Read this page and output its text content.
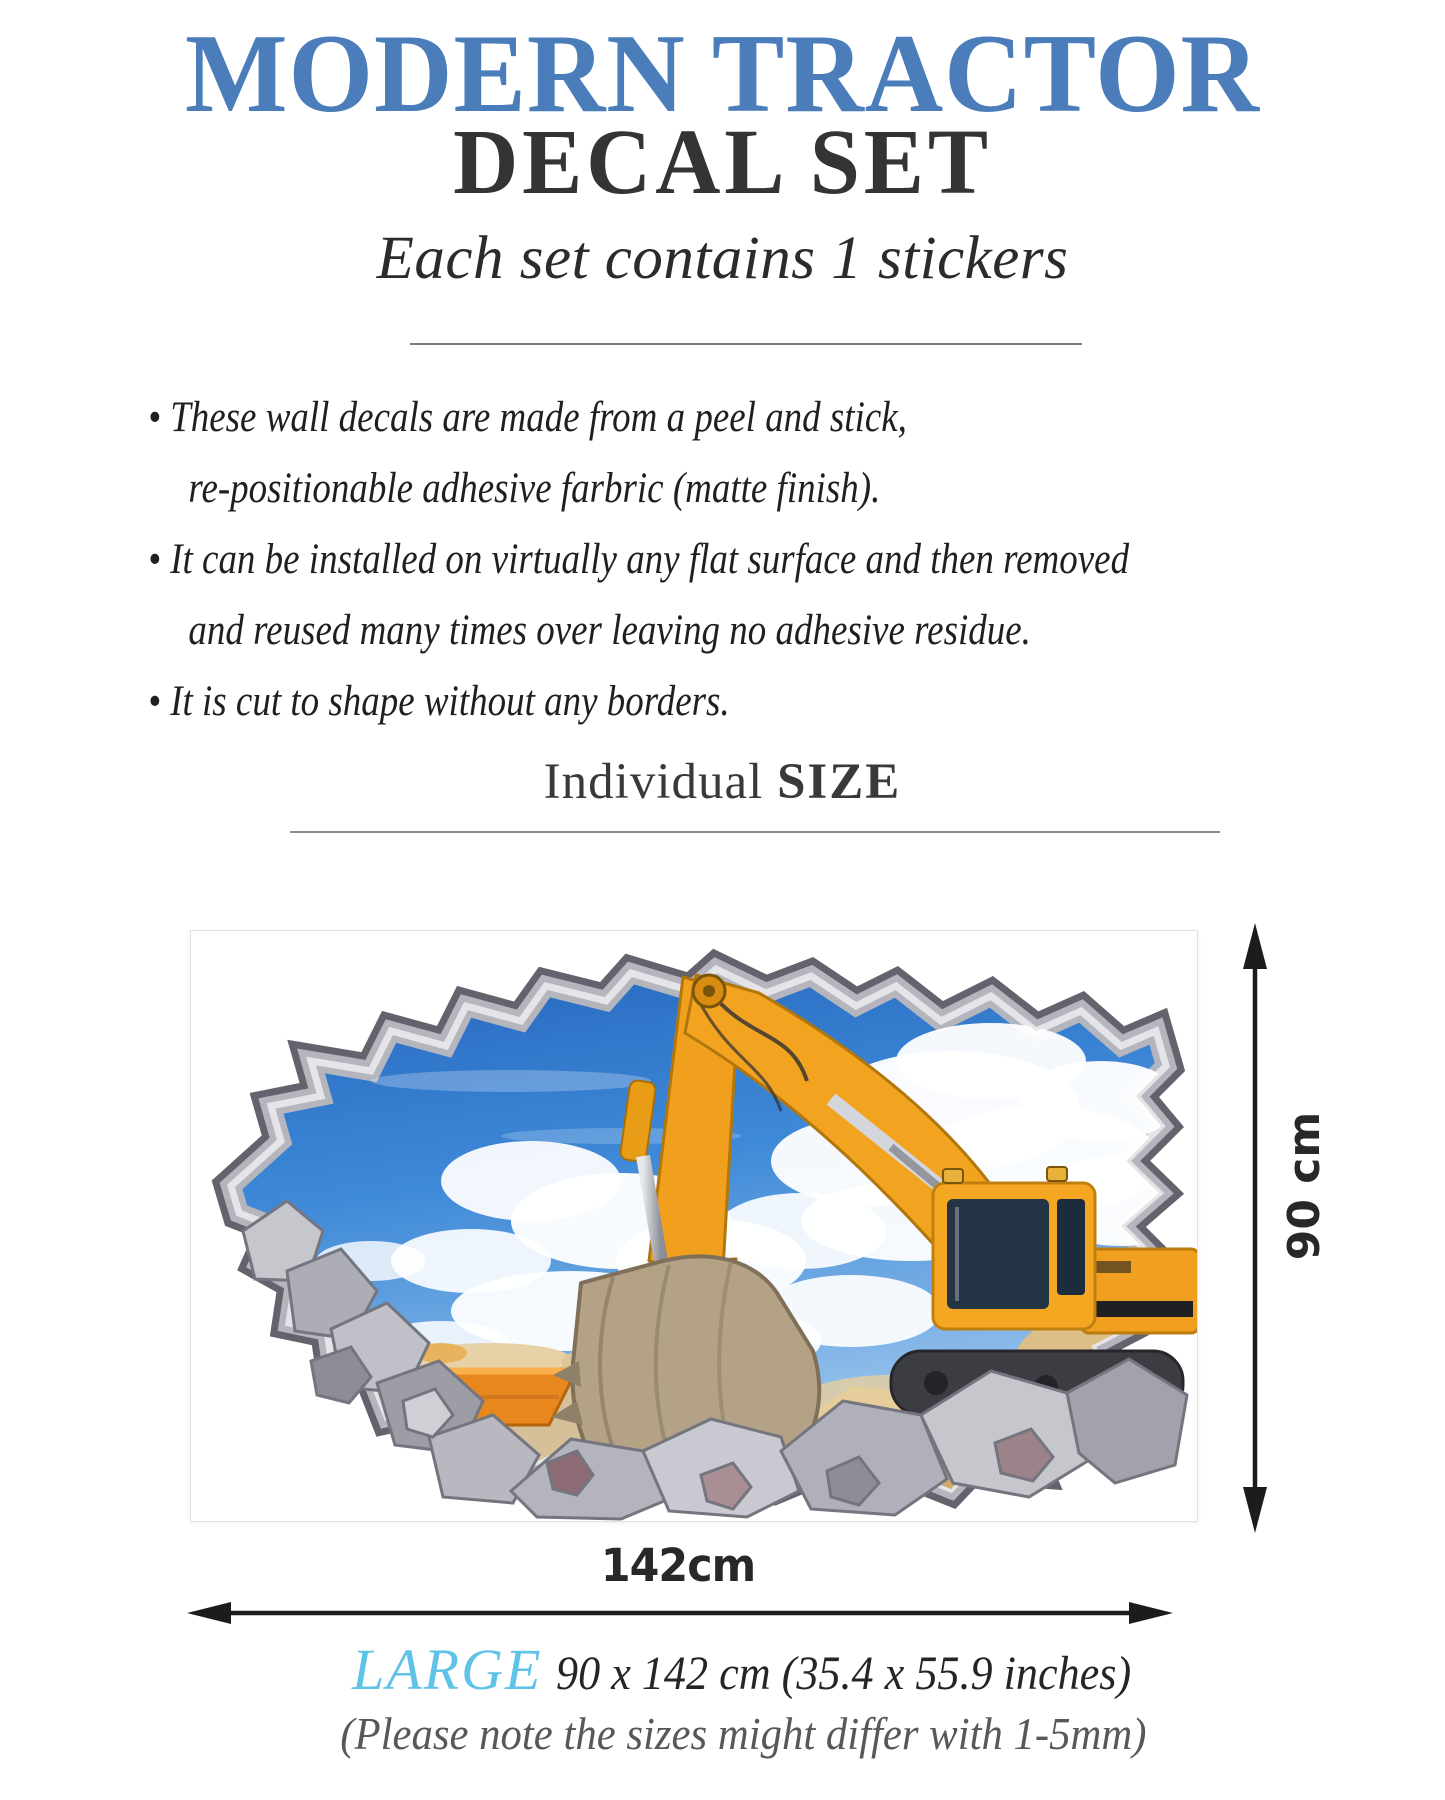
MODERN TRACTOR
DECAL SET
Each set contains 1 stickers
• These wall decals are made from a peel and stick,
re-positionable adhesive farbric (matte finish).
• It can be installed on virtually any flat surface and then removed
and reused many times over leaving no adhesive residue.
• It is cut to shape without any borders.
Individual SIZE
90 cm
142cm
LARGE 90 x 142 cm (35.4 x 55.9 inches)
(Please note the sizes might differ with 1-5mm)
